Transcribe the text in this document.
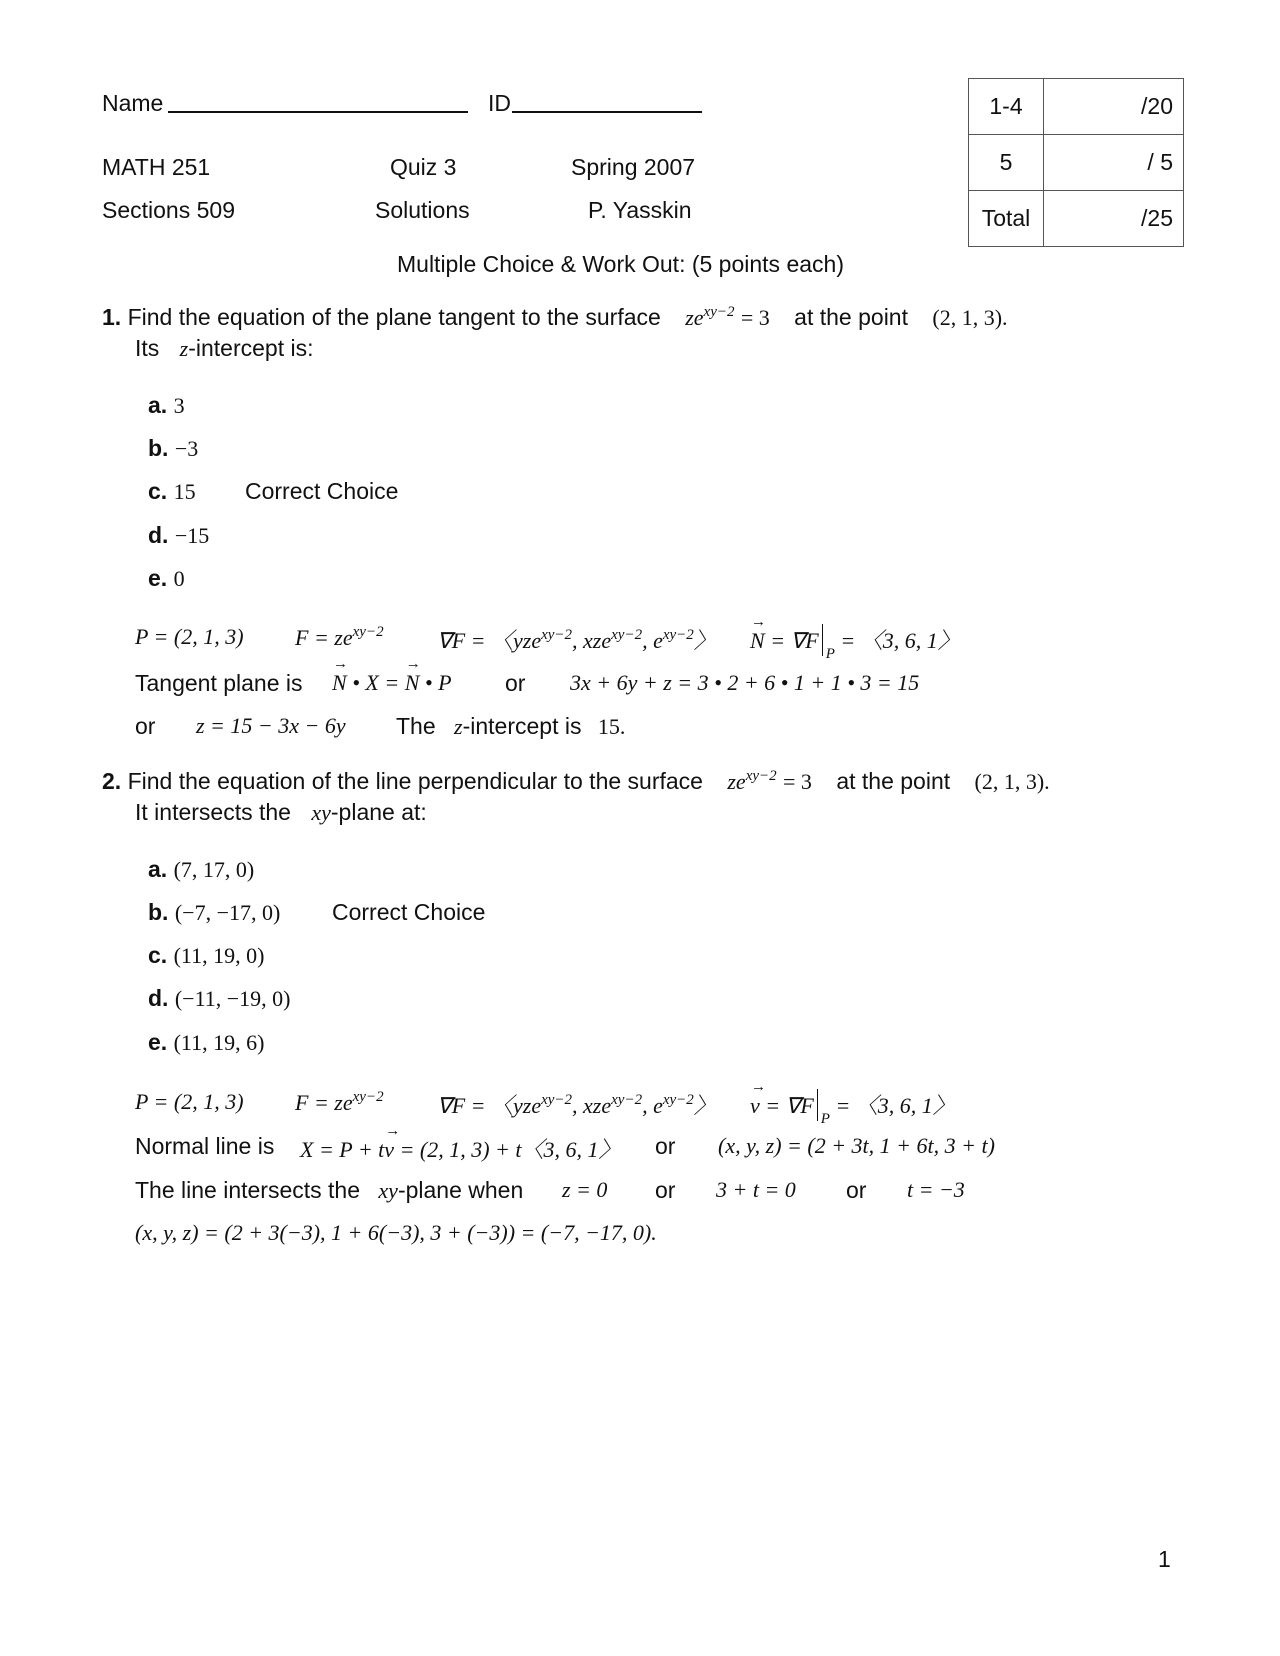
Name	ID
MATH 251	Quiz 3	Spring 2007
Sections 509	Solutions	P. Yasskin
1-4	/20
5	/ 5
Total	/25
Multiple Choice & Work Out: (5 points each)
1. Find the equation of the plane tangent to the surface $ze^{xy-2} = 3$ at the point (2, 1, 3).
Its z-intercept is:
a. 3
b. −3
c. 15 Correct Choice
d. −15
e. 0
P = (2, 1, 3) $F = ze^{xy-2}$ ∇F = 〈yze$^{xy-2}$, xze$^{xy-2}$, $e^{xy-2}$〉 → $N = \nabla F_P$ = 〈3, 6, 1〉
Tangent plane is → N • X = → N • P or 3x + 6y + z = 3 • 2 + 6 • 1 + 1 • 3 = 15
or z = 15 − 3x − 6y The z-intercept is 15.
2. Find the equation of the line perpendicular to the surface $ze^{xy-2} = 3$ at the point (2, 1, 3).
It intersects the xy-plane at:
a. (7, 17, 0)
b. (−7, −17, 0) Correct Choice
c. (11, 19, 0)
d. (−11, −19, 0)
e. (11, 19, 6)
P = (2, 1, 3) $F = ze^{xy-2}$ ∇F = 〈yze$^{xy-2}$, xze$^{xy-2}$, $e^{xy-2}$〉 → $v = \nabla F_P$ = 〈3, 6, 1〉
Normal line is X = P + t→ v = (2, 1, 3) + t〈3, 6, 1〉 or (x, y, z) = (2 + 3t, 1 + 6t, 3 + t)
The line intersects the xy-plane when z = 0 or 3 + t = 0 or t = −3
(x, y, z) = (2 + 3(−3), 1 + 6(−3), 3 + (−3)) = (−7, −17, 0).
1
